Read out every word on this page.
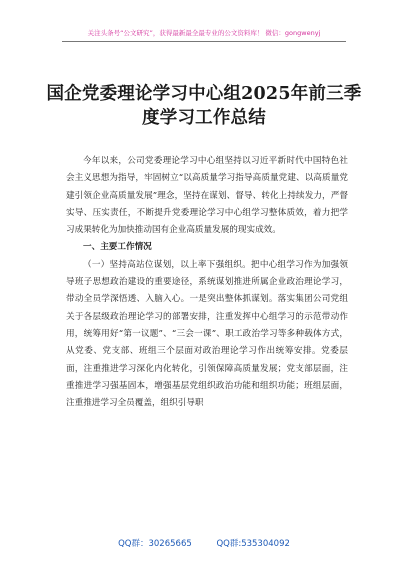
关注头条号“公文研究”，获得最新最全最专业的公文资料库！ 微信：gongwenyj
国企党委理论学习中心组2025年前三季度学习工作总结

今年以来，公司党委理论学习中心组坚持以习近平新时代中国特色社会主义思想为指导，牢固树立“以高质量学习指导高质量党建、以高质量党建引领企业高质量发展”理念，坚持在谋划、督导、转化上持续发力，严督实导、压实责任，不断提升党委理论学习中心组学习整体质效，着力把学习成果转化为加快推动国有企业高质量发展的现实成效。

一、主要工作情况

（一）坚持高站位谋划，以上率下强组织。把中心组学习作为加强领导班子思想政治建设的重要途径，系统谋划推进所属企业政治理论学习，带动全员学深悟透、入脑入心。一是突出整体抓谋划。落实集团公司党组关于各层级政治理论学习的部署安排，注重发挥中心组学习的示范带动作用，统筹用好“第一议题”、“三会一课”、职工政治学习等多种载体方式，从党委、党支部、班组三个层面对政治理论学习作出统筹安排。党委层面，注重推进学习深化内化转化，引领保障高质量发展；党支部层面，注重推进学习强基固本，增强基层党组织政治功能和组织功能；班组层面，注重推进学习全员覆盖，组织引导职

QQ群：30265665	QQ群:535304092
